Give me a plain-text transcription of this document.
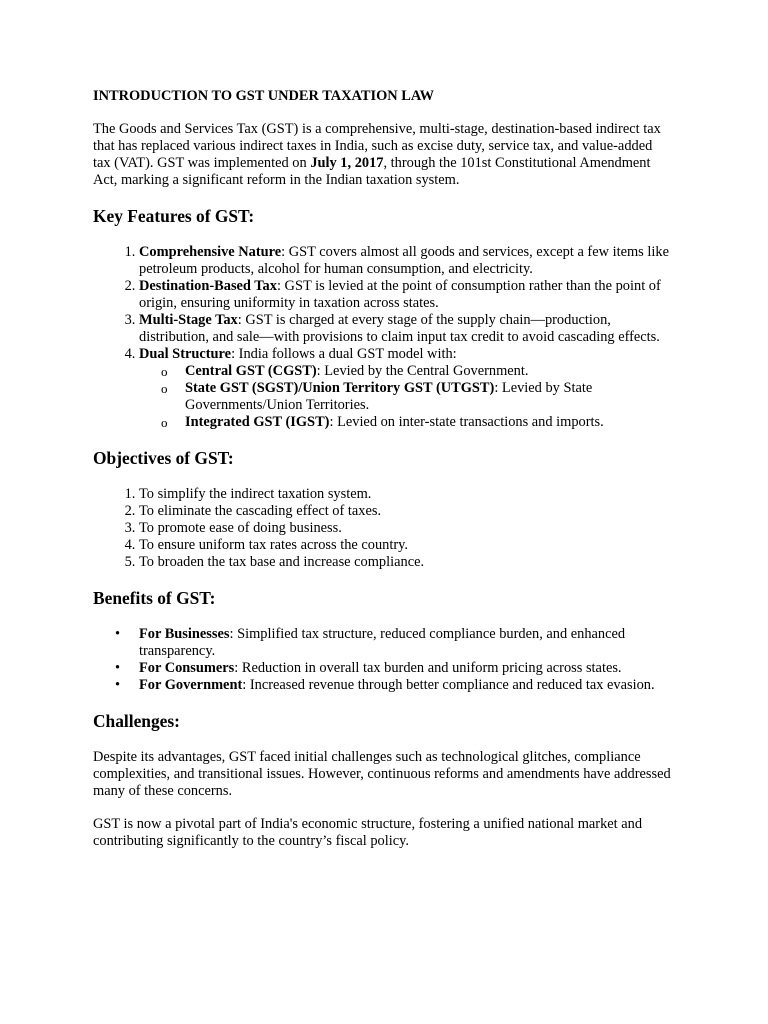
INTRODUCTION TO GST UNDER TAXATION LAW

The Goods and Services Tax (GST) is a comprehensive, multi-stage, destination-based indirect tax that has replaced various indirect taxes in India, such as excise duty, service tax, and value-added tax (VAT). GST was implemented on July 1, 2017, through the 101st Constitutional Amendment Act, marking a significant reform in the Indian taxation system.

Key Features of GST:
1. Comprehensive Nature: GST covers almost all goods and services, except a few items like petroleum products, alcohol for human consumption, and electricity.
2. Destination-Based Tax: GST is levied at the point of consumption rather than the point of origin, ensuring uniformity in taxation across states.
3. Multi-Stage Tax: GST is charged at every stage of the supply chain—production, distribution, and sale—with provisions to claim input tax credit to avoid cascading effects.
4. Dual Structure: India follows a dual GST model with:
o Central GST (CGST): Levied by the Central Government.
o State GST (SGST)/Union Territory GST (UTGST): Levied by State Governments/Union Territories.
o Integrated GST (IGST): Levied on inter-state transactions and imports.
Objectives of GST:
1. To simplify the indirect taxation system.
2. To eliminate the cascading effect of taxes.
3. To promote ease of doing business.
4. To ensure uniform tax rates across the country.
5. To broaden the tax base and increase compliance.
Benefits of GST:
• For Businesses: Simplified tax structure, reduced compliance burden, and enhanced transparency.
• For Consumers: Reduction in overall tax burden and uniform pricing across states.
• For Government: Increased revenue through better compliance and reduced tax evasion.
Challenges:

Despite its advantages, GST faced initial challenges such as technological glitches, compliance complexities, and transitional issues. However, continuous reforms and amendments have addressed many of these concerns.

GST is now a pivotal part of India's economic structure, fostering a unified national market and contributing significantly to the country’s fiscal policy.
